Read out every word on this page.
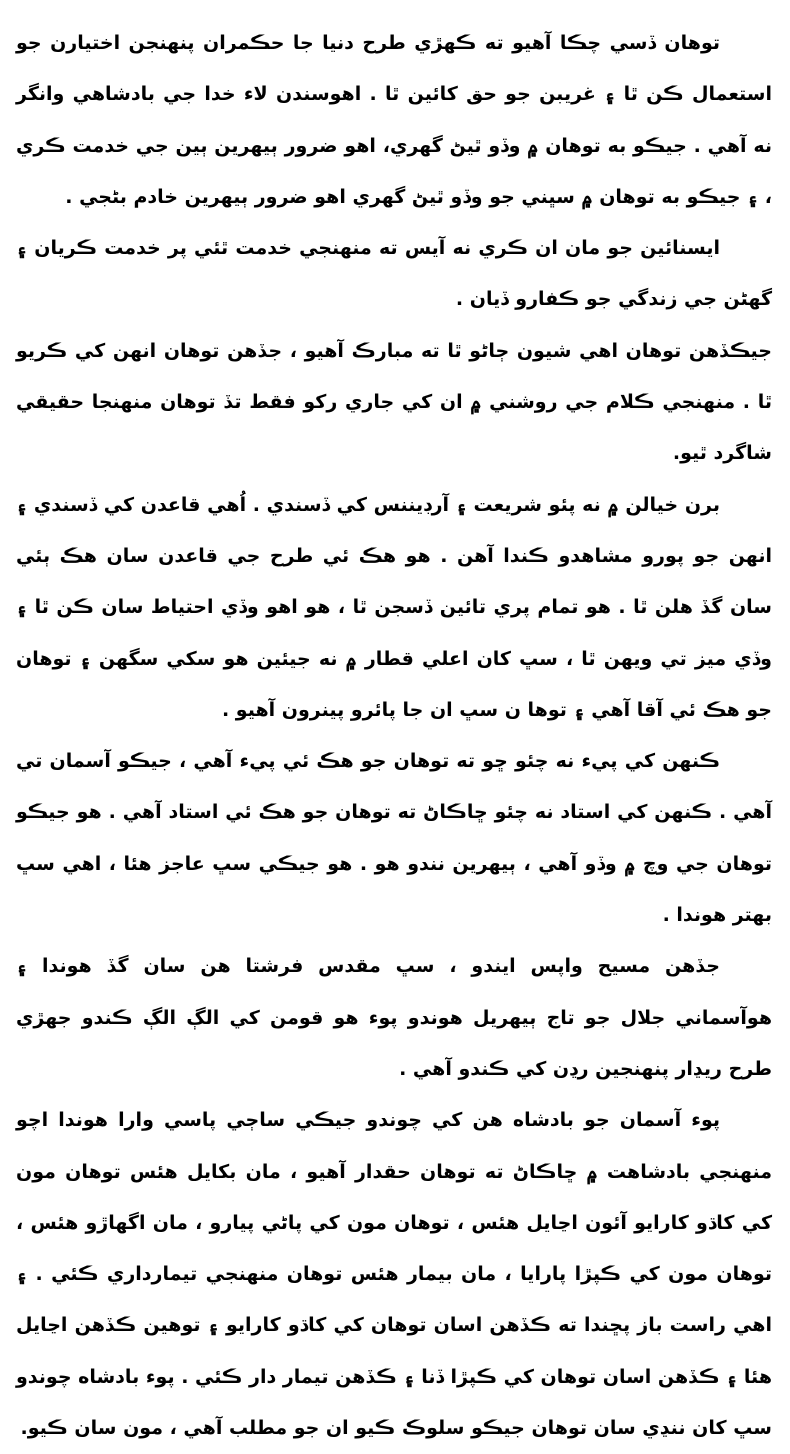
توهان ڏسي چڪا آهيو ته ڪهڙي طرح دنيا جا حڪمران پنهنجن اختيارن جو استعمال ڪن ٿا ۽ غريبن جو حق کائين ٿا . اهوسندن لاء خدا جي بادشاهي وانگر نه آهي . جيڪو به توهان ۾ وڏو ٿيڻ گهري، اهو ضرور ٻيهرين ٻين جي خدمت ڪري ، ۽ جيڪو به توهان ۾ سڀني جو وڏو ٿيڻ گهري اهو ضرور ٻيهرين خادم بڻجي .

ايسنائين جو مان ان ڪري نه آيس ته منهنجي خدمت ٿئي پر خدمت ڪريان ۽ گهڻن جي زندگي جو ڪفارو ڏيان .

جيڪڏهن توهان اهي شيون ڄاڻو ٿا ته مبارڪ آهيو ، جڏهن توهان انهن کي ڪريو ٿا . منهنجي ڪلام جي روشني ۾ ان کي جاري رکو فقط تڏ توهان منهنجا حقيقي شاگرد ٿيو.

برن خيالن ۾ نه پئو شريعت ۽ آرڊيننس کي ڏسندي . اُهي قاعدن کي ڏسندي ۽ انهن جو پورو مشاهدو ڪندا آهن . هو هڪ ئي طرح جي قاعدن سان هڪ ٻئي سان گڏ هلن ٿا . هو تمام پري تائين ڏسجن ٿا ، هو اهو وڏي احتياط سان ڪن ٿا ۽ وڏي ميز تي ويهن ٿا ، سڀ کان اعلي قطار ۾ نه جيئين هو سکي سگهن ۽ توهان جو هڪ ئي آقا آهي ۽ توها ن سڀ ان جا پائرو پينرون آهيو .

ڪنهن کي پيء نه چئو ڇو ته توهان جو هڪ ئي پيء آهي ، جيڪو آسمان تي آهي . ڪنهن کي استاد نه چئو ڇاڪاڻ ته توهان جو هڪ ئي استاد آهي . هو جيڪو توهان جي وچ ۾ وڏو آهي ، ٻيهرين نندو هو . هو جيڪي سڀ عاجز هئا ، اهي سڀ بهتر هوندا .

جڏهن مسيح واپس ايندو ، سڀ مقدس فرشتا هن سان گڏ هوندا ۽ هوآسماني جلال جو تاج ٻيهريل هوندو پوء هو قومن کي الڳ الڳ ڪندو جهڙي طرح ريڍار پنهنجين رڍن کي ڪندو آهي .

پوء آسمان جو بادشاه هن کي چوندو جيڪي ساڄي پاسي وارا هوندا اچو منهنجي بادشاهت ۾ ڇاڪاڻ ته توهان حقدار آهيو ، مان بکايل هئس توهان مون کي کاڌو کارايو آئون اڃايل هئس ، توهان مون کي پاڻي پيارو ، مان اگهاڙو هئس ، توهان مون کي ڪپڙا پارايا ، مان بيمار هئس توهان منهنجي تيمارداري ڪئي . ۽ اهي راست باز پڇندا ته ڪڏهن اسان توهان کي کاڌو کارايو ۽ توهين ڪڏهن اڃايل هئا ۽ ڪڏهن اسان توهان کي ڪپڙا ڏنا ۽ ڪڏهن تيمار دار ڪئي . پوء بادشاه چوندو سڀ کان ننڍي سان توهان جيڪو سلوڪ ڪيو ان جو مطلب آهي ، مون سان ڪيو.
